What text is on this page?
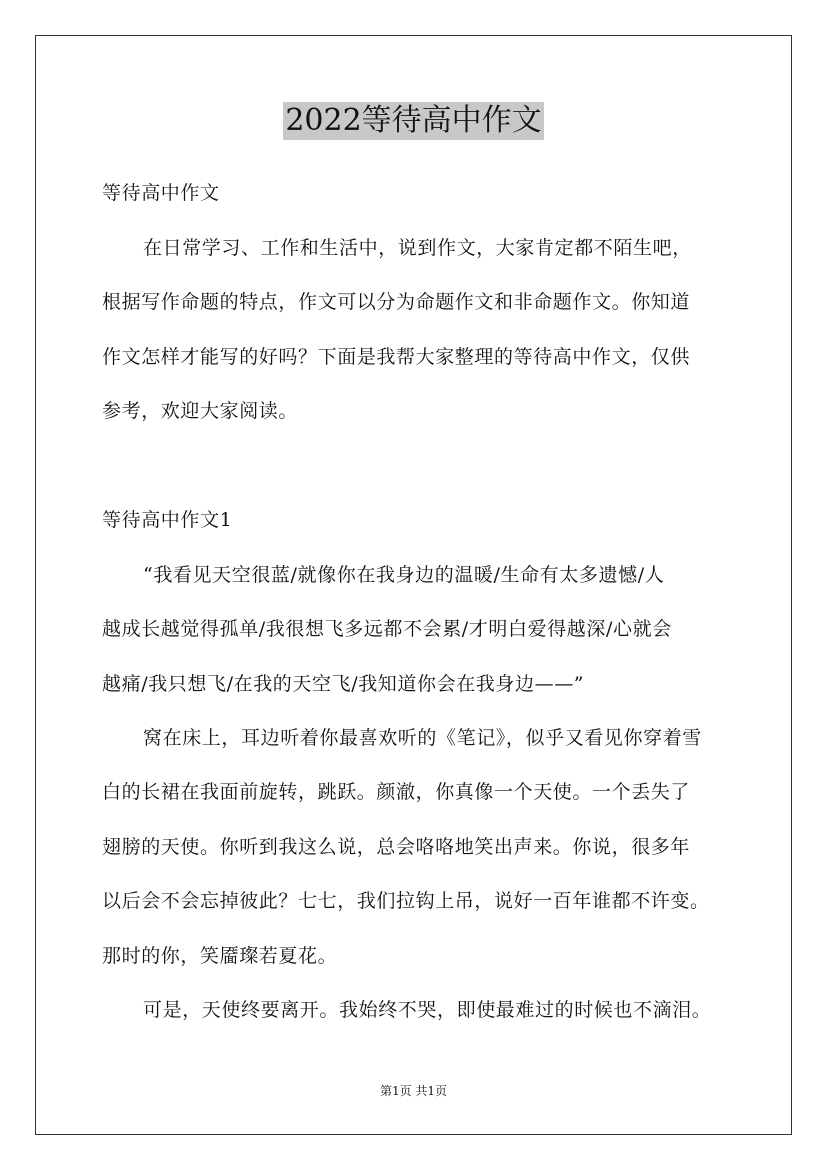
2022等待高中作文
等待高中作文
在日常学习、工作和生活中，说到作文，大家肯定都不陌生吧，
根据写作命题的特点，作文可以分为命题作文和非命题作文。你知道
作文怎样才能写的好吗？下面是我帮大家整理的等待高中作文，仅供
参考，欢迎大家阅读。
等待高中作文1
“我看见天空很蓝/就像你在我身边的温暖/生命有太多遗憾/人
越成长越觉得孤单/我很想飞多远都不会累/才明白爱得越深/心就会
越痛/我只想飞/在我的天空飞/我知道你会在我身边——”
窝在床上，耳边听着你最喜欢听的《笔记》，似乎又看见你穿着雪
白的长裙在我面前旋转，跳跃。颜澈，你真像一个天使。一个丢失了
翅膀的天使。你听到我这么说，总会咯咯地笑出声来。你说，很多年
以后会不会忘掉彼此？七七，我们拉钩上吊，说好一百年谁都不许变。
那时的你，笑靥璨若夏花。
可是，天使终要离开。我始终不哭，即使最难过的时候也不滴泪。
第1页 共1页
